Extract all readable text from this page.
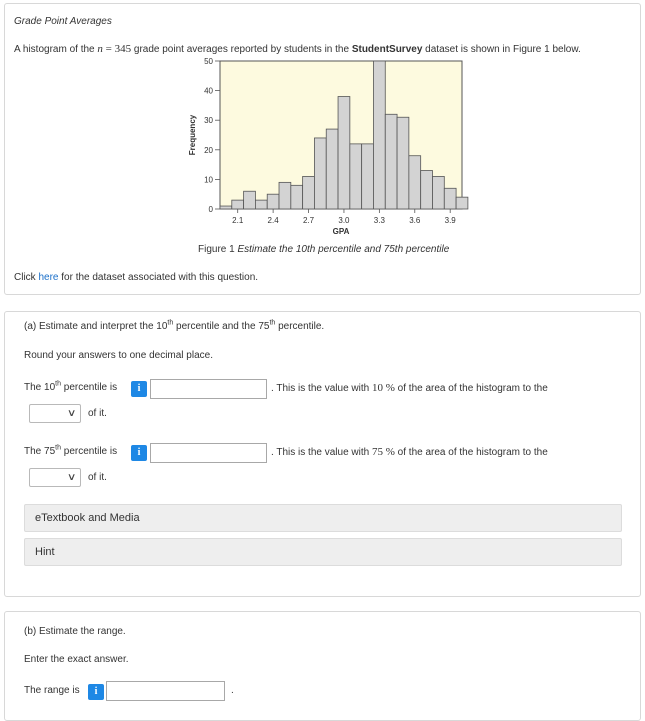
Grade Point Averages
A histogram of the n = 345 grade point averages reported by students in the StudentSurvey dataset is shown in Figure 1 below.
0
10
20
30
40
50
2.1	2.4	2.7	3.0	3.3	3.6	3.9
GPA
Frequency
Figure 1 Estimate the 10th percentile and 75th percentile
Click here for the dataset associated with this question.
(a) Estimate and interpret the 10th percentile and the 75th percentile.
Round your answers to one decimal place.
The 10th percentile is	i	. This is the value with 10 % of the area of the histogram to the
∨ of it.
The 75th percentile is	i	. This is the value with 75 % of the area of the histogram to the
∨ of it.
eTextbook and Media
Hint
(b) Estimate the range.
Enter the exact answer.
The range is	i	.
